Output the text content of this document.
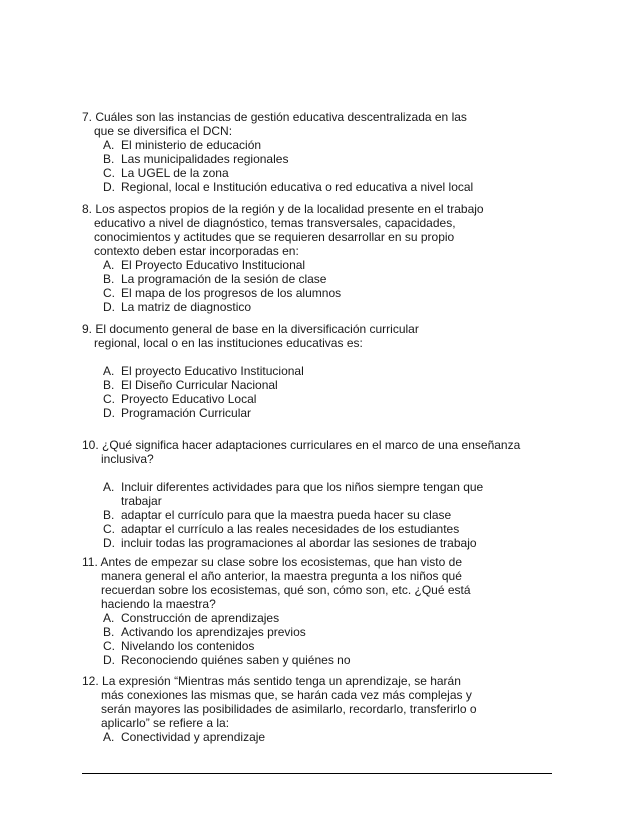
7. Cuáles son las instancias de gestión educativa descentralizada en las
que se diversifica el DCN:

A. El ministerio de educación
B. Las municipalidades regionales
C. La UGEL de la zona
D. Regional, local e Institución educativa o red educativa a nivel local

8. Los aspectos propios de la región y de la localidad presente en el trabajo
educativo a nivel de diagnóstico, temas transversales, capacidades,
conocimientos y actitudes que se requieren desarrollar en su propio
contexto deben estar incorporadas en:

A. El Proyecto Educativo Institucional
B. La programación de la sesión de clase
C. El mapa de los progresos de los alumnos
D. La matriz de diagnostico

9. El documento general de base en la diversificación curricular
regional, local o en las instituciones educativas es:

A. El proyecto Educativo Institucional
B. El Diseño Curricular Nacional
C. Proyecto Educativo Local
D. Programación Curricular

10. ¿Qué significa hacer adaptaciones curriculares en el marco de una enseñanza
inclusiva?

A. Incluir diferentes actividades para que los niños siempre tengan que trabajar
B. adaptar el currículo para que la maestra pueda hacer su clase
C. adaptar el currículo a las reales necesidades de los estudiantes
D. incluir todas las programaciones al abordar las sesiones de trabajo

11. Antes de empezar su clase sobre los ecosistemas, que han visto de
manera general el año anterior, la maestra pregunta a los niños qué
recuerdan sobre los ecosistemas, qué son, cómo son, etc. ¿Qué está
haciendo la maestra?

A. Construcción de aprendizajes
B. Activando los aprendizajes previos
C. Nivelando los contenidos
D. Reconociendo quiénes saben y quiénes no

12. La expresión “Mientras más sentido tenga un aprendizaje, se harán
más conexiones las mismas que, se harán cada vez más complejas y
serán mayores las posibilidades de asimilarlo, recordarlo, transferirlo o
aplicarlo” se refiere a la:

A. Conectividad y aprendizaje
